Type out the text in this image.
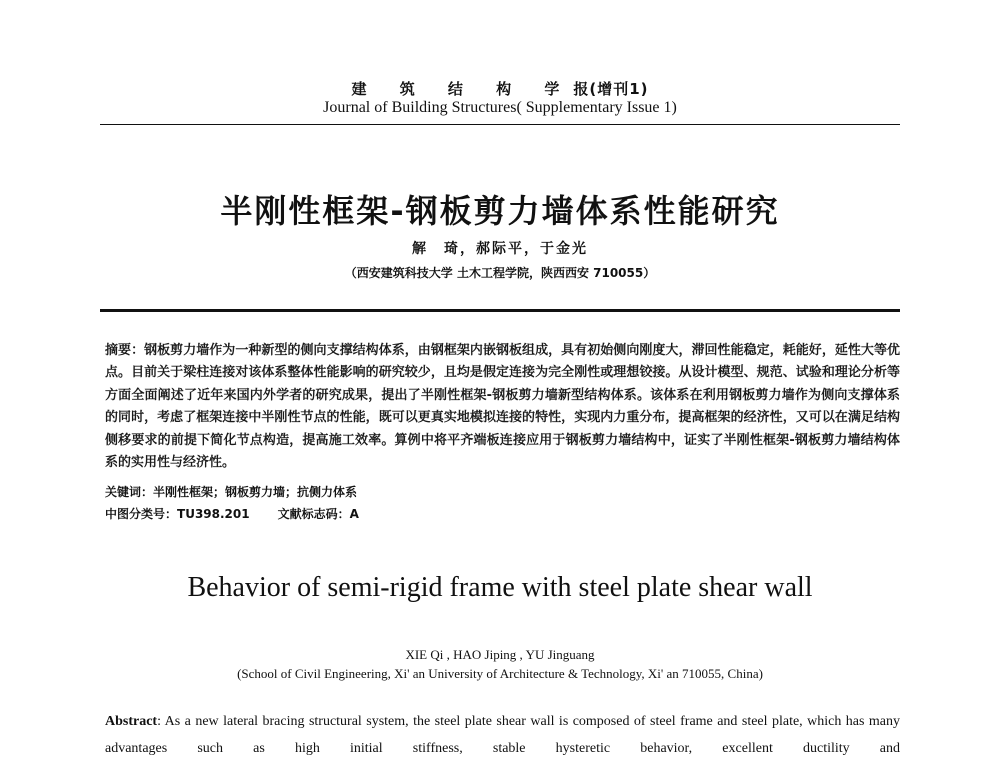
建 筑 结 构 学报(增刊1)
Journal of Building Structures( Supplementary Issue 1)
半刚性框架-钢板剪力墙体系性能研究
解　琦，郝际平，于金光
（西安建筑科技大学 土木工程学院，陕西西安 710055）
摘要：钢板剪力墙作为一种新型的侧向支撑结构体系，由钢框架内嵌钢板组成，具有初始侧向刚度大，滞回性能稳定，耗能好，延性大等优点。目前关于梁柱连接对该体系整体性能影响的研究较少，且均是假定连接为完全刚性或理想铰接。从设计模型、规范、试验和理论分析等方面全面阐述了近年来国内外学者的研究成果，提出了半刚性框架-钢板剪力墙新型结构体系。该体系在利用钢板剪力墙作为侧向支撑体系的同时，考虑了框架连接中半刚性节点的性能，既可以更真实地模拟连接的特性，实现内力重分布，提高框架的经济性，又可以在满足结构侧移要求的前提下简化节点构造，提高施工效率。算例中将平齐端板连接应用于钢板剪力墙结构中，证实了半刚性框架-钢板剪力墙结构体系的实用性与经济性。
关键词：半刚性框架；钢板剪力墙；抗侧力体系
中图分类号：TU398.201 文献标志码：A
Behavior of semi-rigid frame with steel plate shear wall
XIE Qi , HAO Jiping , YU Jinguang
(School of Civil Engineering, Xi' an University of Architecture & Technology, Xi' an 710055, China)
Abstract: As a new lateral bracing structural system, the steel plate shear wall is composed of steel frame and steel plate, which has many advantages such as high initial stiffness, stable hysteretic behavior, excellent ductility and
